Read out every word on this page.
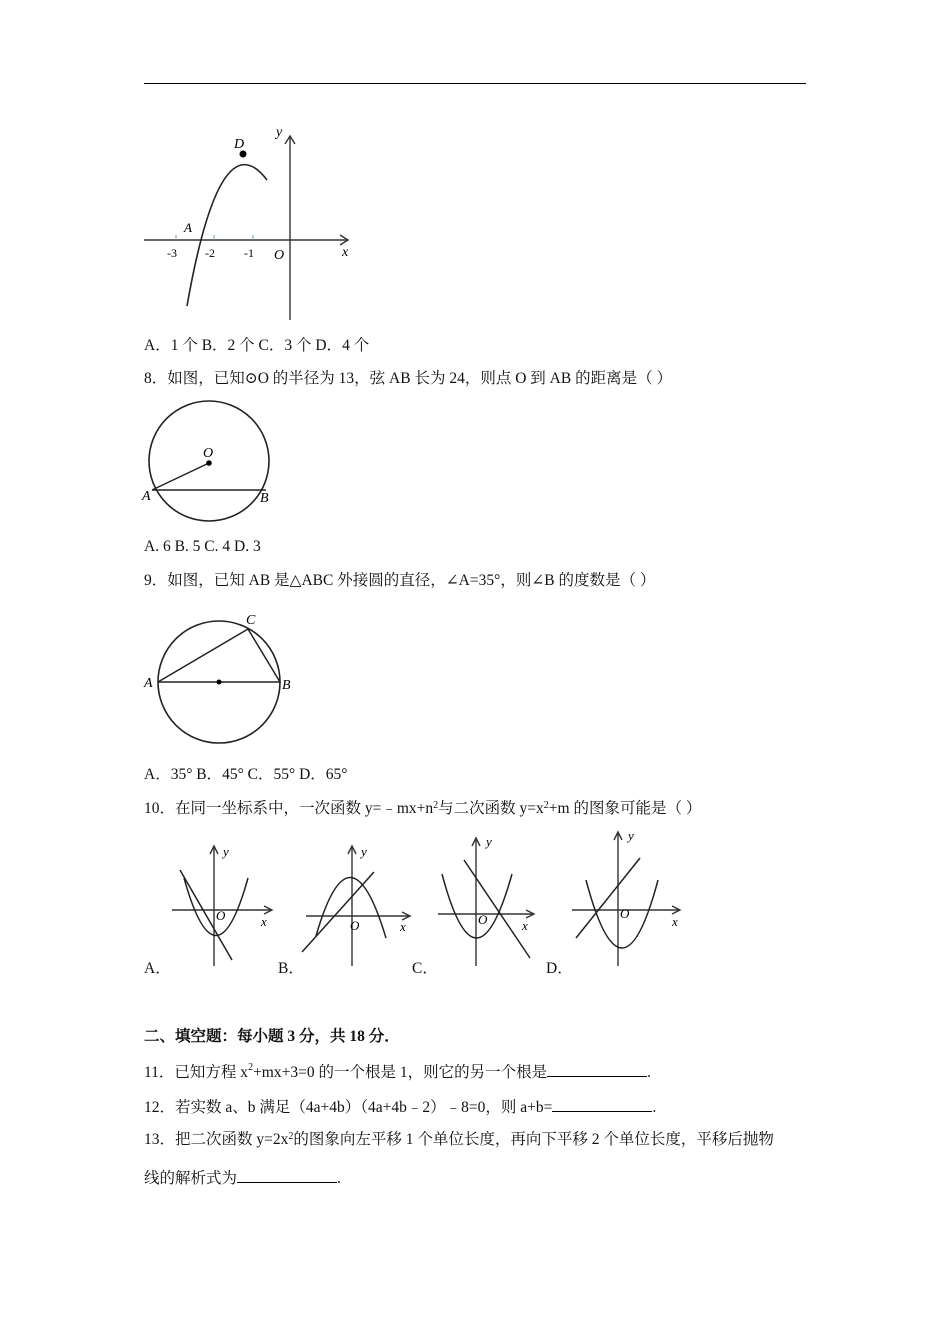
y
x
D
A
O
-3 -2 -1
A．1 个 B．2 个 C．3 个 D．4 个
8．如图，已知⊙O 的半径为 13，弦 AB 长为 24，则点 O 到 AB 的距离是（ ）
O
A	B
A. 6 B. 5 C. 4 D. 3
9．如图，已知 AB 是△ABC 外接圆的直径，∠A=35°，则∠B 的度数是（ ）
A	B
C
A．35° B．45° C．55° D．65°
10．在同一坐标系中，一次函数 $y=﹣mx+n^2$与二次函数 $y=x^2+m$ 的图象可能是（ ）
y
x
O
y
x
O
y
x
O
y
x
O
A．	B．	C．	D．
二、填空题：每小题 3 分，共 18 分．
11．已知方程 $x^2+mx+3=0$ 的一个根是 1，则它的另一个根是	.
12．若实数 a、b 满足（4a+4b）（4a+4b﹣2）﹣8=0，则 a+b=	.
13．把二次函数 $y=2x^2$的图象向左平移 1 个单位长度，再向下平移 2 个单位长度，平移后抛物
线的解析式为	.
